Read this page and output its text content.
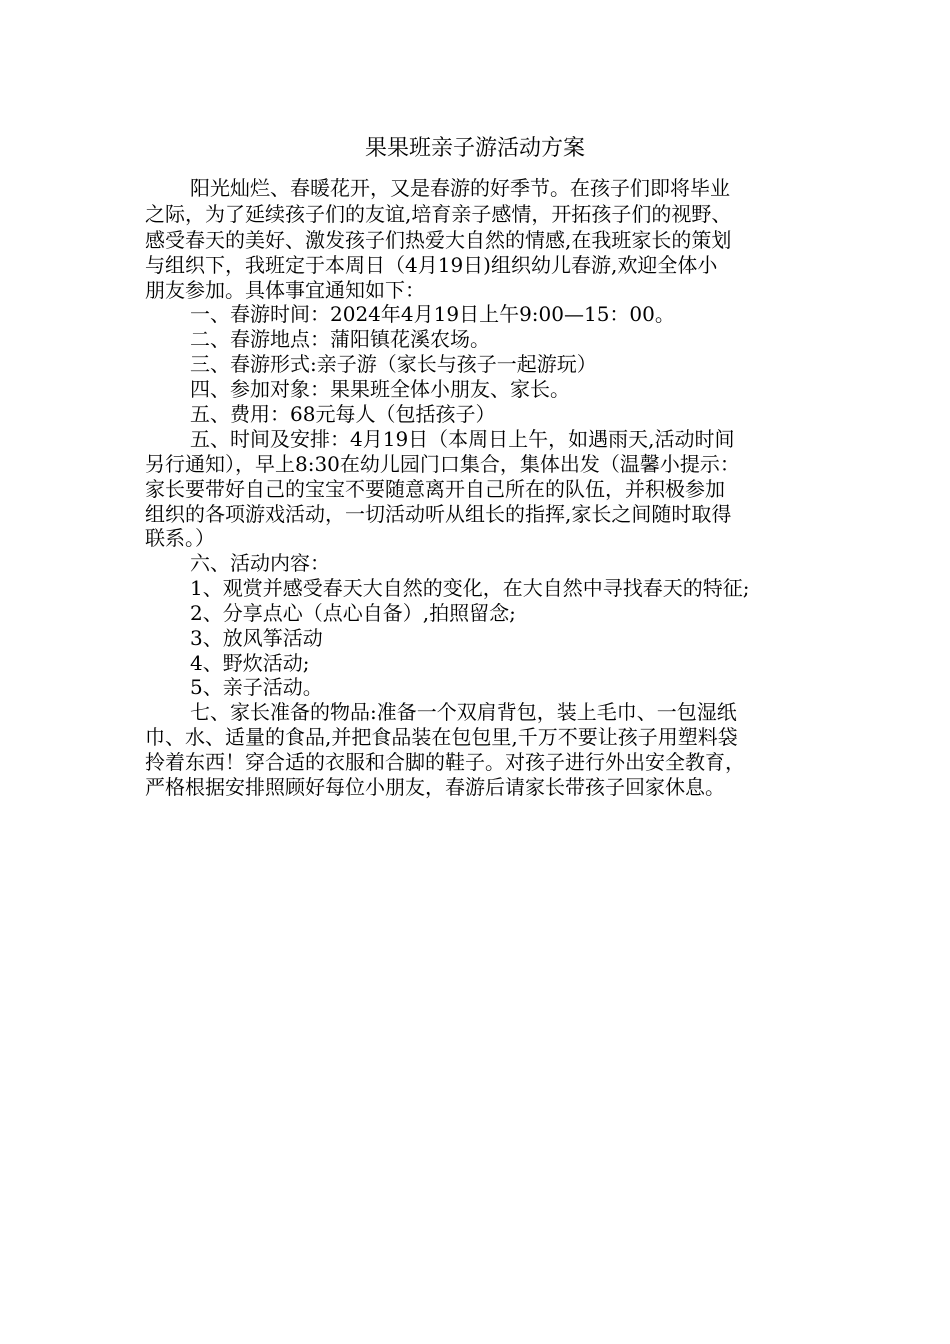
果果班亲子游活动方案
阳光灿烂、春暖花开，又是春游的好季节。在孩子们即将毕业
之际，为了延续孩子们的友谊,培育亲子感情，开拓孩子们的视野、
感受春天的美好、激发孩子们热爱大自然的情感,在我班家长的策划
与组织下，我班定于本周日（4月19日)组织幼儿春游,欢迎全体小
朋友参加。具体事宜通知如下：
一、春游时间：2024年4月19日上午9:00—15：00。
二、春游地点：蒲阳镇花溪农场。
三、春游形式:亲子游（家长与孩子一起游玩）
四、参加对象：果果班全体小朋友、家长。
五、费用：68元每人（包括孩子）
五、时间及安排：4月19日（本周日上午，如遇雨天,活动时间
另行通知），早上8:30在幼儿园门口集合，集体出发（温馨小提示：
家长要带好自己的宝宝不要随意离开自己所在的队伍，并积极参加
组织的各项游戏活动，一切活动听从组长的指挥,家长之间随时取得
联系。）
六、活动内容：
1、观赏并感受春天大自然的变化，在大自然中寻找春天的特征;
2、分享点心（点心自备）,拍照留念;
3、放风筝活动
4、野炊活动;
5、亲子活动。
七、家长准备的物品:准备一个双肩背包，装上毛巾、一包湿纸
巾、水、适量的食品,并把食品装在包包里,千万不要让孩子用塑料袋
拎着东西！穿合适的衣服和合脚的鞋子。对孩子进行外出安全教育，
严格根据安排照顾好每位小朋友，春游后请家长带孩子回家休息。
